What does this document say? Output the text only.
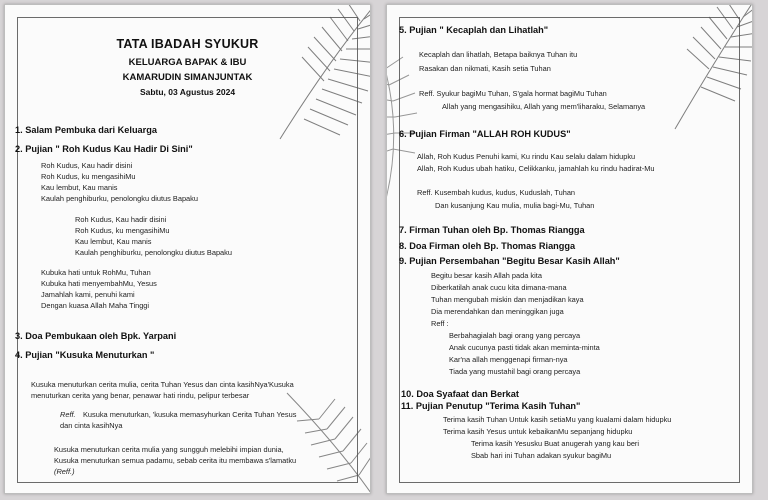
TATA IBADAH SYUKUR
KELUARGA BAPAK & IBU
KAMARUDIN SIMANJUNTAK
Sabtu, 03 Agustus 2024
1. Salam Pembuka dari Keluarga
2. Pujian " Roh Kudus Kau Hadir Di Sini"
Roh Kudus, Kau hadir disini
Roh Kudus, ku mengasihiMu
Kau lembut, Kau manis
Kaulah penghiburku, penolongku diutus Bapaku
Roh Kudus, Kau hadir disini
Roh Kudus, ku mengasihiMu
Kau lembut, Kau manis
Kaulah penghiburku, penolongku diutus Bapaku
Kubuka hati untuk RohMu, Tuhan
Kubuka hati menyembahMu, Yesus
Jamahlah kami, penuhi kami
Dengan kuasa Allah Maha Tinggi
3. Doa Pembukaan oleh Bpk. Yarpani
4. Pujian "Kusuka Menuturkan "
Kusuka menuturkan cerita mulia, cerita Tuhan Yesus dan cinta kasihNya'Kusuka
menuturkan cerita yang benar, penawar hati rindu, pelipur terbesar
Reff. Kusuka menuturkan, 'kusuka memasyhurkan Cerita Tuhan Yesus
dan cinta kasihNya
Kusuka menuturkan cerita mulia yang sungguh melebihi impian dunia,
Kusuka menuturkan semua padamu, sebab cerita itu membawa s'lamatku
(Reff.)
5. Pujian " Kecaplah dan Lihatlah"
Kecaplah dan lihatlah, Betapa baiknya Tuhan itu
Rasakan dan nikmati, Kasih setia Tuhan
Reff. Syukur bagiMu Tuhan, S'gala hormat bagiMu Tuhan
Allah yang mengasihiku, Allah yang mem'liharaku, Selamanya
6. Pujian Firman "ALLAH ROH KUDUS"
Allah, Roh Kudus Penuhi kami, Ku rindu Kau selalu dalam hidupku
Allah, Roh Kudus ubah hatiku, Celikkanku, jamahlah ku rindu hadirat-Mu
Reff. Kusembah kudus, kudus, Kuduslah, Tuhan
Dan kusanjung Kau mulia, mulia bagi-Mu, Tuhan
7. Firman Tuhan oleh Bp. Thomas Riangga
8. Doa Firman oleh Bp. Thomas Riangga
9. Pujian Persembahan "Begitu Besar Kasih Allah"
Begitu besar kasih Allah pada kita
Diberkatilah anak cucu kita dimana-mana
Tuhan mengubah miskin dan menjadikan kaya
Dia merendahkan dan meninggikan juga
Reff :
Berbahagialah bagi orang yang percaya
Anak cucunya pasti tidak akan meminta-minta
Kar'na allah menggenapi firman-nya
Tiada yang mustahil bagi orang percaya
10. Doa Syafaat dan Berkat
11. Pujian Penutup "Terima Kasih Tuhan"
Terima kasih Tuhan Untuk kasih setiaMu yang kualami dalam hidupku
Terima kasih Yesus untuk kebaikanMu sepanjang hidupku
Terima kasih Yesusku Buat anugerah yang kau beri
Sbab hari ini Tuhan adakan syukur bagiMu
